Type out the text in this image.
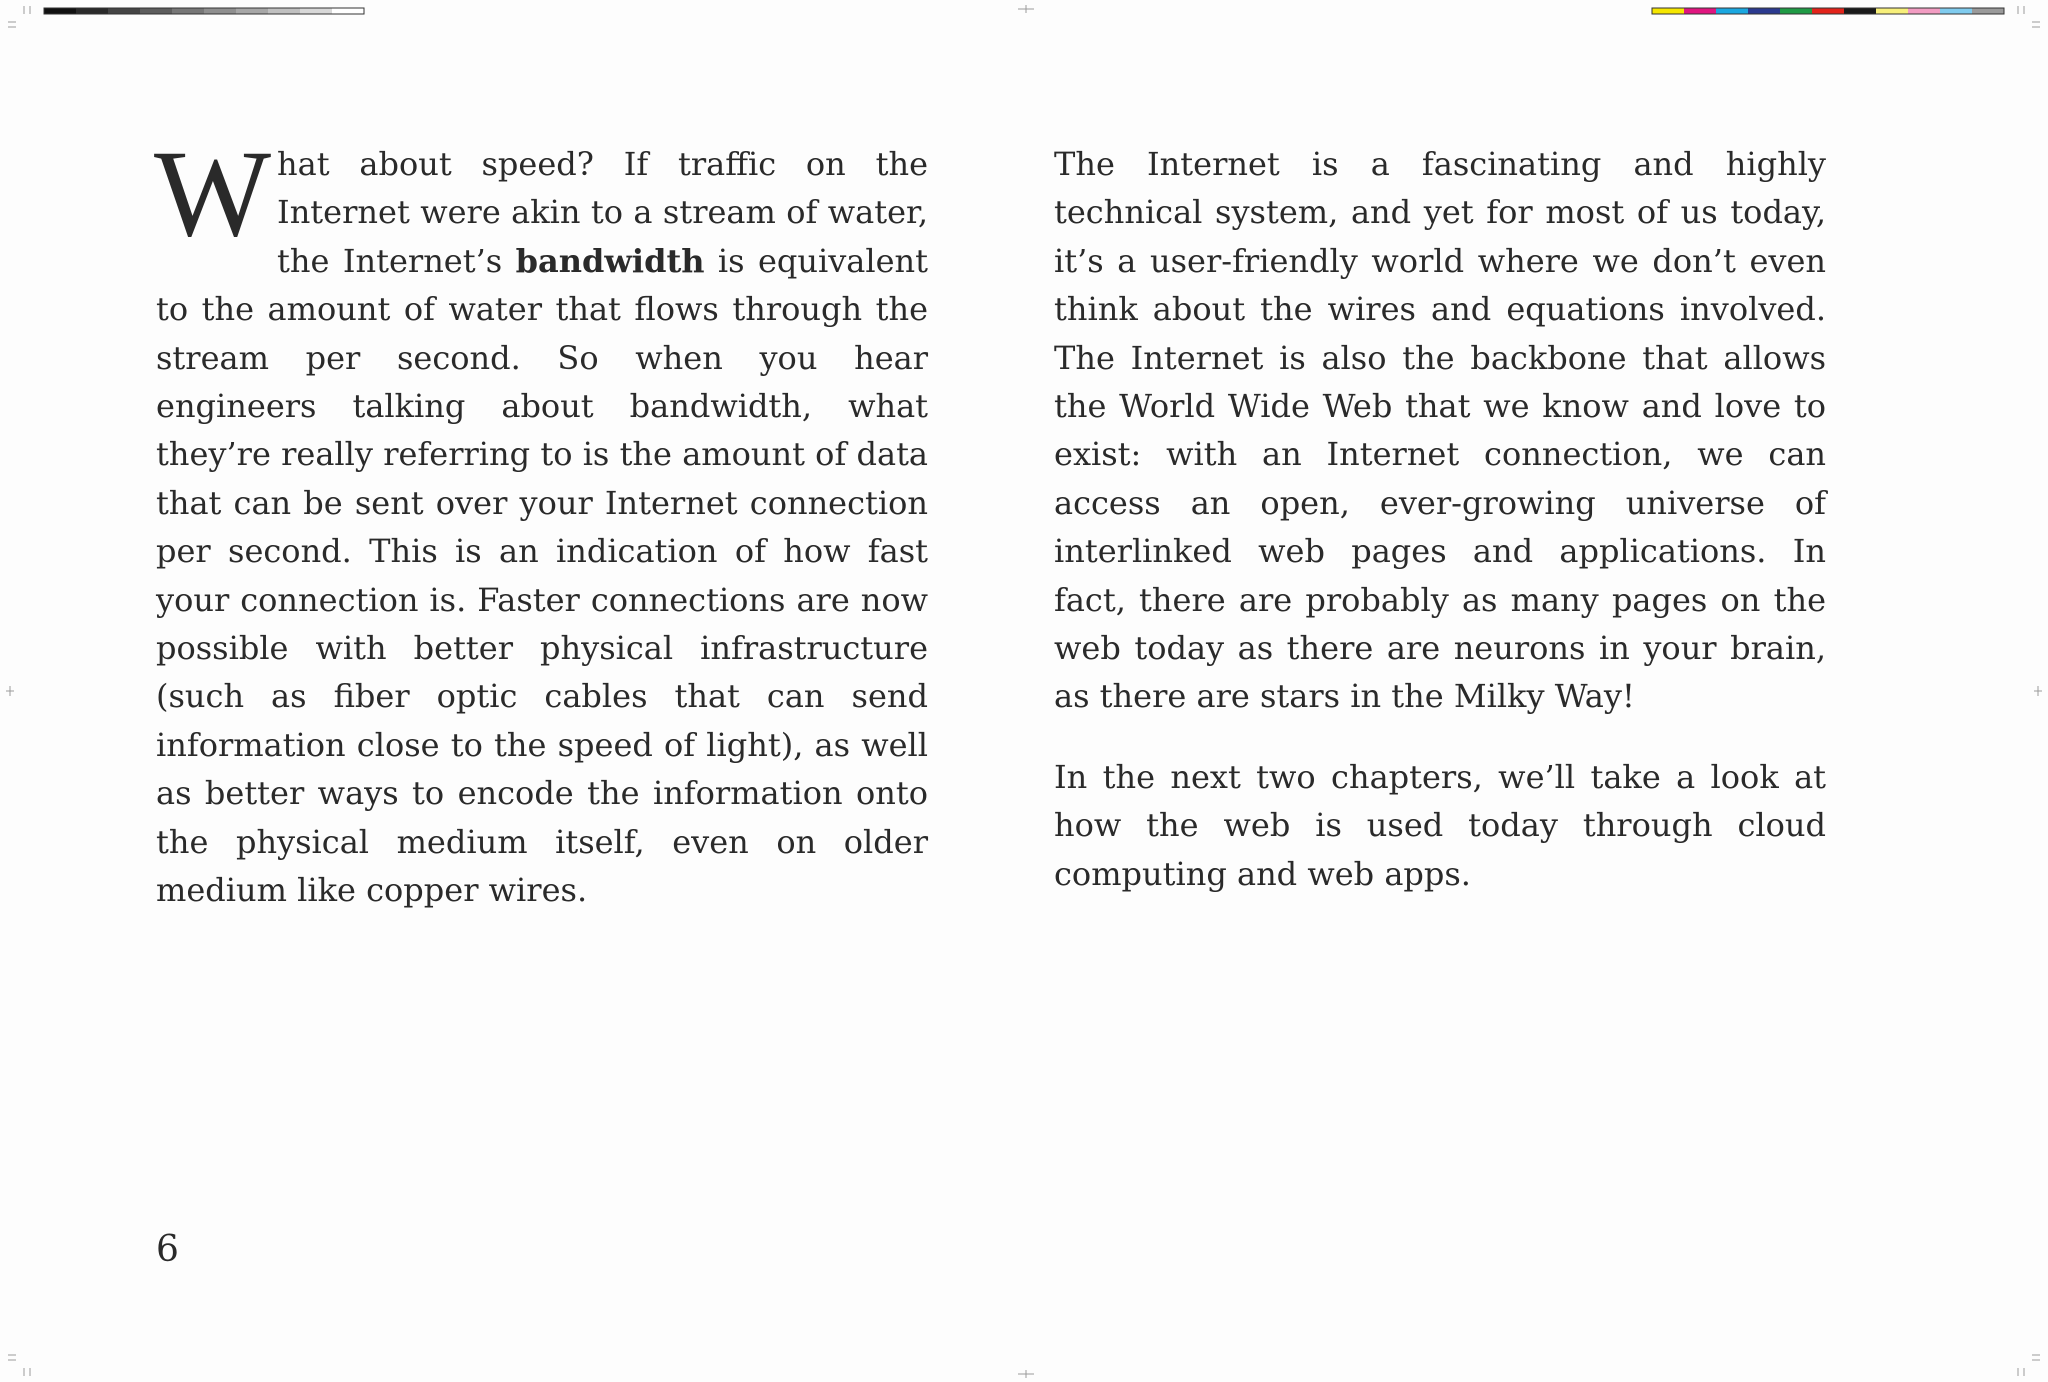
What about speed? If traffic on the Internet were akin to a stream of water, the Internet’s bandwidth is equivalent to the amount of water that flows through the stream per second. So when you hear engineers talking about bandwidth, what they’re really referring to is the amount of data that can be sent over your Internet connection per second. This is an indication of how fast your connection is. Faster connections are now possible with better physical infrastructure (such as fiber optic cables that can send information close to the speed of light), as well as better ways to encode the information onto the physical medium itself, even on older medium like copper wires.

The Internet is a fascinating and highly technical system, and yet for most of us today, it’s a user-friendly world where we don’t even think about the wires and equations involved. The Internet is also the backbone that allows the World Wide Web that we know and love to exist: with an Internet connection, we can access an open, ever-growing universe of interlinked web pages and applications. In fact, there are probably as many pages on the web today as there are neurons in your brain, as there are stars in the Milky Way!

In the next two chapters, we’ll take a look at how the web is used today through cloud computing and web apps.

6
